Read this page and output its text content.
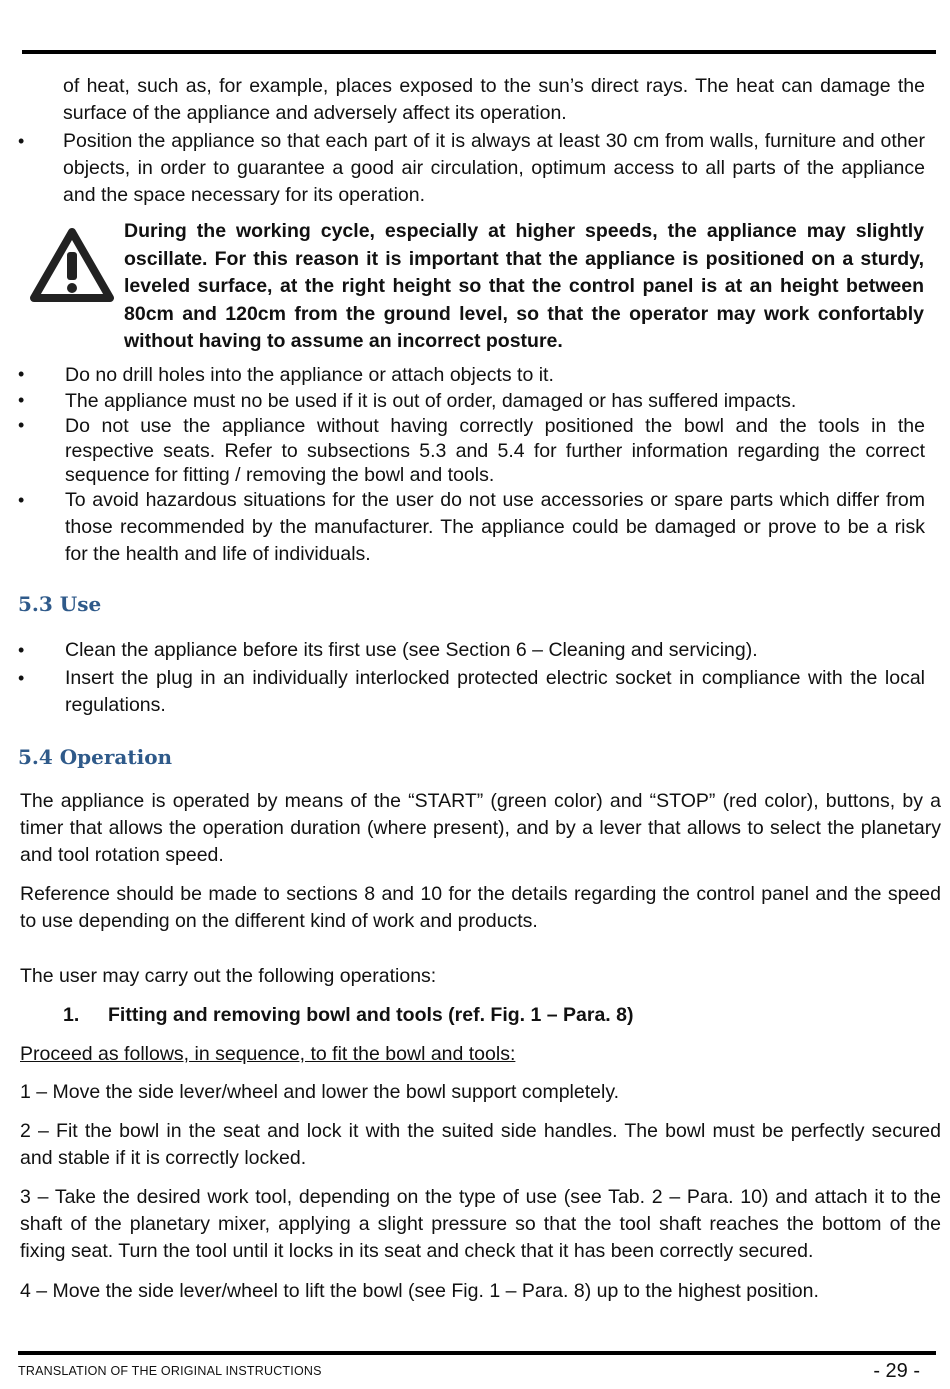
of heat, such as, for example, places exposed to the sun’s direct rays. The heat can damage the surface of the appliance and adversely affect its operation.

• Position the appliance so that each part of it is always at least 30 cm from walls, furniture and other objects, in order to guarantee a good air circulation, optimum access to all parts of the appliance and the space necessary for its operation.

During the working cycle, especially at higher speeds, the appliance may slightly oscillate. For this reason it is important that the appliance is positioned on a sturdy, leveled surface, at the right height so that the control panel is at an height between 80cm and 120cm from the ground level, so that the operator may work confortably without having to assume an incorrect posture.

• Do no drill holes into the appliance or attach objects to it.

• The appliance must no be used if it is out of order, damaged or has suffered impacts.

• Do not use the appliance without having correctly positioned the bowl and the tools in the respective seats. Refer to subsections 5.3 and 5.4 for further information regarding the correct sequence for fitting / removing the bowl and tools.

• To avoid hazardous situations for the user do not use accessories or spare parts which differ from those recommended by the manufacturer. The appliance could be damaged or prove to be a risk for the health and life of individuals.

5.3 Use
• Clean the appliance before its first use (see Section 6 – Cleaning and servicing).

• Insert the plug in an individually interlocked protected electric socket in compliance with the local regulations.

5.4 Operation

The appliance is operated by means of the “START” (green color) and “STOP” (red color), buttons, by a timer that allows the operation duration (where present), and by a lever that allows to select the planetary and tool rotation speed.

Reference should be made to sections 8 and 10 for the details regarding the control panel and the speed to use depending on the different kind of work and products.

The user may carry out the following operations:

1. Fitting and removing bowl and tools (ref. Fig. 1 – Para. 8)

Proceed as follows, in sequence, to fit the bowl and tools:

1 – Move the side lever/wheel and lower the bowl support completely.

2 – Fit the bowl in the seat and lock it with the suited side handles. The bowl must be perfectly secured and stable if it is correctly locked.

3 – Take the desired work tool, depending on the type of use (see Tab. 2 – Para. 10) and attach it to the shaft of the planetary mixer, applying a slight pressure so that the tool shaft reaches the bottom of the fixing seat. Turn the tool until it locks in its seat and check that it has been correctly secured.

4 – Move the side lever/wheel to lift the bowl (see Fig. 1 – Para. 8) up to the highest position.

TRANSLATION OF THE ORIGINAL INSTRUCTIONS	- 29 -
